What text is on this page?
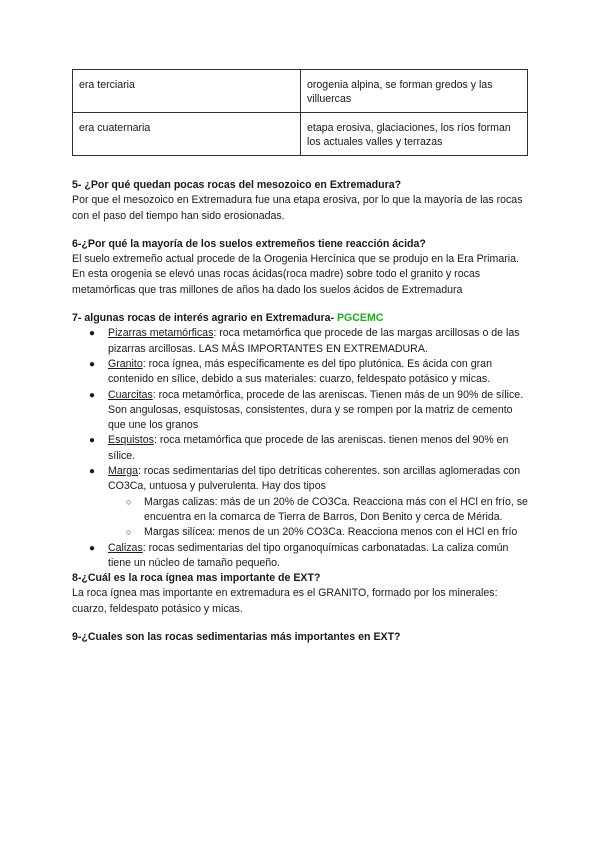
era terciaria	orogenia alpina, se forman gredos y las villuercas
era cuaternaria	etapa erosiva, glaciaciones, los ríos forman los actuales valles y terrazas

5- ¿Por qué quedan pocas rocas del mesozoico en Extremadura?

Por que el mesozoico en Extremadura fue una etapa erosiva, por lo que la mayoría de las rocas con el paso del tiempo han sido erosionadas.

6-¿Por qué la mayoría de los suelos extremeños tiene reacción ácida?

El suelo extremeño actual procede de la Orogenia Hercínica que se produjo en la Era Primaria. En esta orogenia se elevó unas rocas ácidas(roca madre) sobre todo el granito y rocas metamórficas que tras millones de años ha dado los suelos ácidos de Extremadura

7- algunas rocas de interés agrario en Extremadura- PGCEMC

● Pizarras metamórficas: roca metamórfica que procede de las margas arcillosas o de las pizarras arcillosas. LAS MÁS IMPORTANTES EN EXTREMADURA.
● Granito: roca ígnea, más específicamente es del tipo plutónica. Es ácida con gran contenido en sílice, debido a sus materiales: cuarzo, feldespato potásico y micas.
● Cuarcitas: roca metamórfica, procede de las areniscas. Tienen más de un 90% de sílice. Son angulosas, esquistosas, consistentes, dura y se rompen por la matriz de cemento que une los granos
● Esquistos: roca metamórfica que procede de las areniscas. tienen menos del 90% en sílice.
● Marga: rocas sedimentarias del tipo detríticas coherentes. son arcillas aglomeradas con CO3Ca, untuosa y pulverulenta. Hay dos tipos
○ Margas calizas: más de un 20% de CO3Ca. Reacciona más con el HCl en frío, se encuentra en la comarca de Tierra de Barros, Don Benito y cerca de Mérida.
○ Margas silícea: menos de un 20% CO3Ca. Reacciona menos con el HCl en frío
● Calizas: rocas sedimentarias del tipo organoquímicas carbonatadas. La caliza común tiene un núcleo de tamaño pequeño.

8-¿Cuál es la roca ígnea mas importante de EXT?

La roca ígnea mas importante en extremadura es el GRANITO, formado por los minerales: cuarzo, feldespato potásico y micas.

9-¿Cuales son las rocas sedimentarias más importantes en EXT?
